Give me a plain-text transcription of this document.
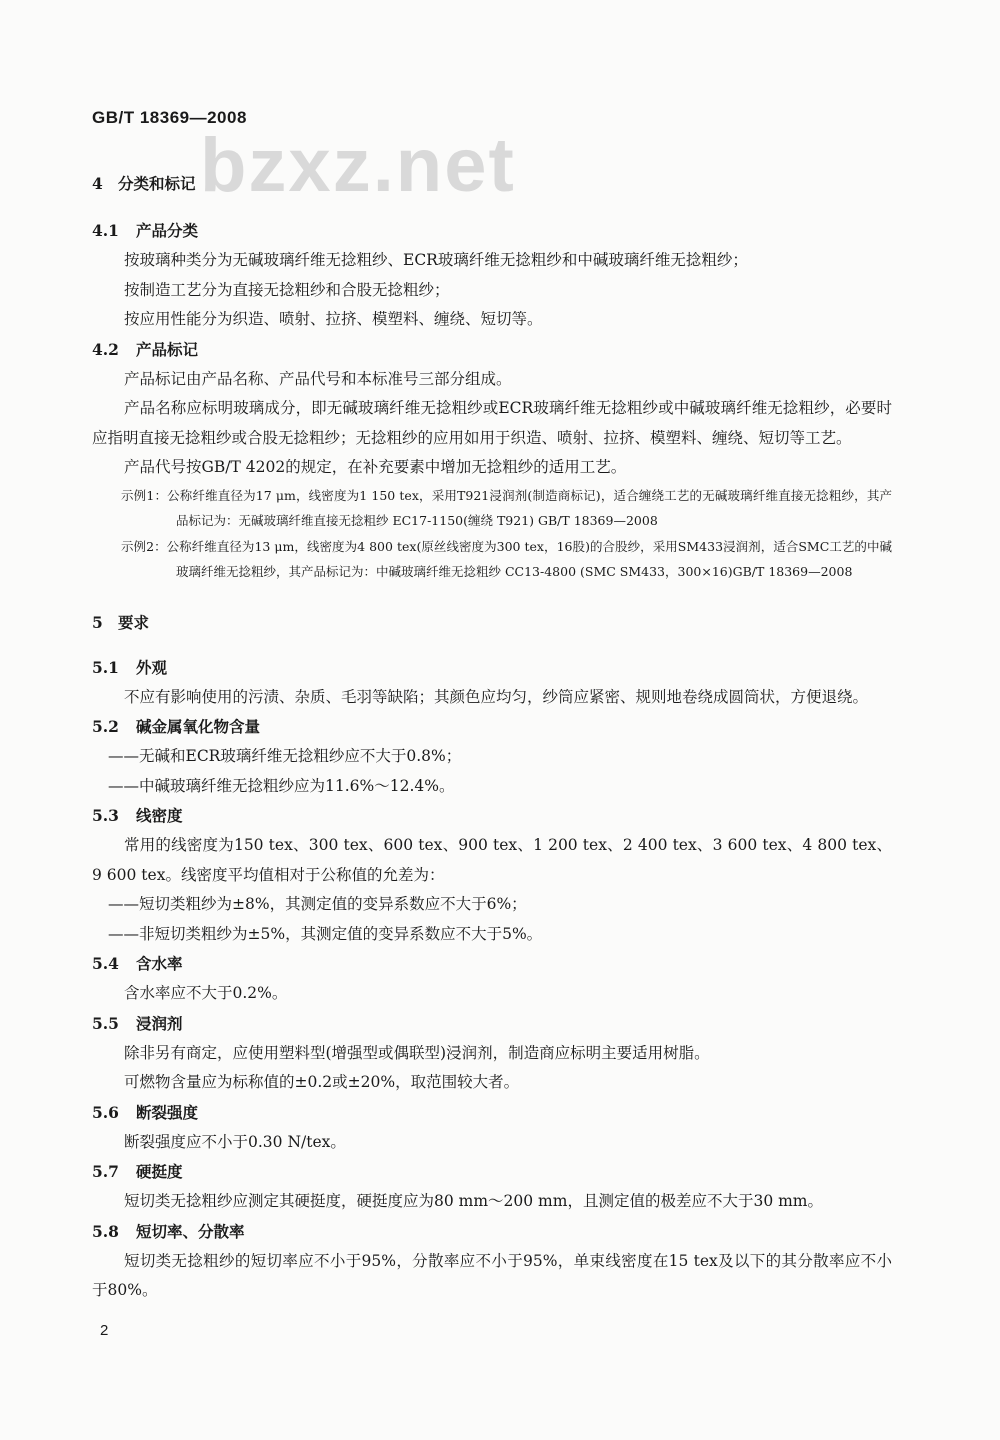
GB/T 18369—2008
bzxz.net
4 分类和标记
4.1 产品分类

按玻璃种类分为无碱玻璃纤维无捻粗纱、ECR玻璃纤维无捻粗纱和中碱玻璃纤维无捻粗纱；

按制造工艺分为直接无捻粗纱和合股无捻粗纱；

按应用性能分为织造、喷射、拉挤、模塑料、缠绕、短切等。

4.2 产品标记

产品标记由产品名称、产品代号和本标准号三部分组成。

产品名称应标明玻璃成分，即无碱玻璃纤维无捻粗纱或ECR玻璃纤维无捻粗纱或中碱玻璃纤维无捻粗纱，必要时应指明直接无捻粗纱或合股无捻粗纱；无捻粗纱的应用如用于织造、喷射、拉挤、模塑料、缠绕、短切等工艺。

产品代号按GB/T 4202的规定，在补充要素中增加无捻粗纱的适用工艺。

示例1：公称纤维直径为17 μm，线密度为1 150 tex，采用T921浸润剂(制造商标记)，适合缠绕工艺的无碱玻璃纤维直接无捻粗纱，其产品标记为：无碱玻璃纤维直接无捻粗纱 EC17-1150(缠绕 T921) GB/T 18369—2008

示例2：公称纤维直径为13 μm，线密度为4 800 tex(原丝线密度为300 tex，16股)的合股纱，采用SM433浸润剂，适合SMC工艺的中碱玻璃纤维无捻粗纱，其产品标记为：中碱玻璃纤维无捻粗纱 CC13-4800 (SMC SM433，300×16)GB/T 18369—2008

5 要求
5.1 外观

不应有影响使用的污渍、杂质、毛羽等缺陷；其颜色应均匀，纱筒应紧密、规则地卷绕成圆筒状，方便退绕。

5.2 碱金属氧化物含量

——无碱和ECR玻璃纤维无捻粗纱应不大于0.8%；

——中碱玻璃纤维无捻粗纱应为11.6%～12.4%。

5.3 线密度

常用的线密度为150 tex、300 tex、600 tex、900 tex、1 200 tex、2 400 tex、3 600 tex、4 800 tex、9 600 tex。线密度平均值相对于公称值的允差为：

——短切类粗纱为±8%，其测定值的变异系数应不大于6%；

——非短切类粗纱为±5%，其测定值的变异系数应不大于5%。

5.4 含水率

含水率应不大于0.2%。

5.5 浸润剂

除非另有商定，应使用塑料型(增强型或偶联型)浸润剂，制造商应标明主要适用树脂。

可燃物含量应为标称值的±0.2或±20%，取范围较大者。

5.6 断裂强度

断裂强度应不小于0.30 N/tex。

5.7 硬挺度

短切类无捻粗纱应测定其硬挺度，硬挺度应为80 mm～200 mm，且测定值的极差应不大于30 mm。

5.8 短切率、分散率

短切类无捻粗纱的短切率应不小于95%，分散率应不小于95%，单束线密度在15 tex及以下的其分散率应不小于80%。

2
